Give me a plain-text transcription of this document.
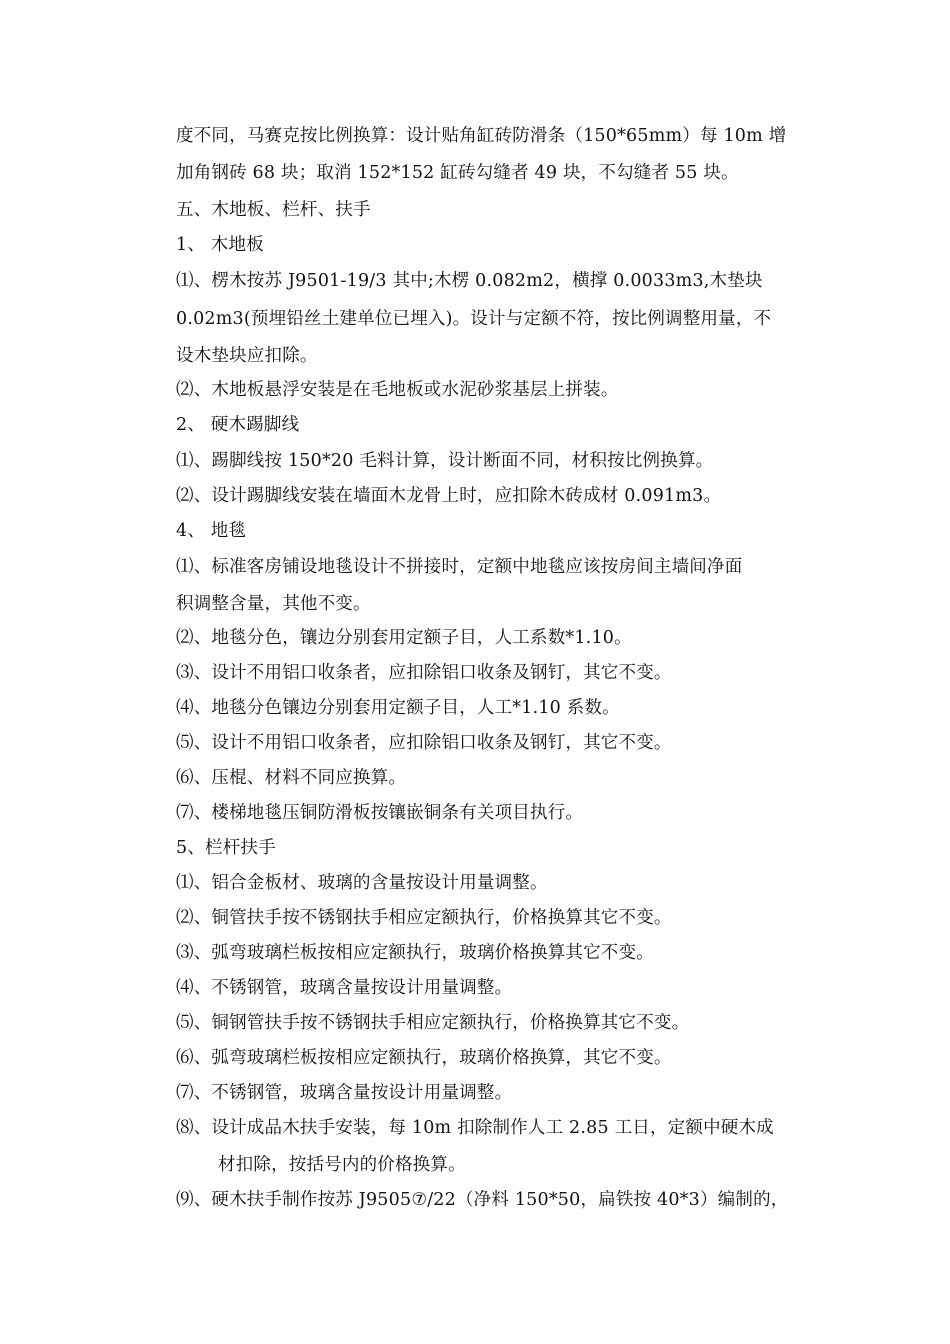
度不同，马赛克按比例换算：设计贴角缸砖防滑条（150*65mm）每 10m 增
加角钢砖 68 块；取消 152*152 缸砖勾缝者 49 块，不勾缝者 55 块。
五、木地板、栏杆、扶手
1、 木地板
⑴、楞木按苏 J9501-19/3 其中;木楞 0.082m2，横撑 0.0033m3,木垫块
0.02m3(预埋铅丝土建单位已埋入)。设计与定额不符，按比例调整用量，不
设木垫块应扣除。
⑵、木地板悬浮安装是在毛地板或水泥砂浆基层上拼装。
2、 硬木踢脚线
⑴、踢脚线按 150*20 毛料计算，设计断面不同，材积按比例换算。
⑵、设计踢脚线安装在墙面木龙骨上时，应扣除木砖成材 0.091m3。
4、 地毯
⑴、标准客房铺设地毯设计不拼接时，定额中地毯应该按房间主墙间净面
积调整含量，其他不变。
⑵、地毯分色，镶边分别套用定额子目，人工系数*1.10。
⑶、设计不用铝口收条者，应扣除铝口收条及钢钉，其它不变。
⑷、地毯分色镶边分别套用定额子目，人工*1.10 系数。
⑸、设计不用铝口收条者，应扣除铝口收条及钢钉，其它不变。
⑹、压棍、材料不同应换算。
⑺、楼梯地毯压铜防滑板按镶嵌铜条有关项目执行。
5、栏杆扶手
⑴、铝合金板材、玻璃的含量按设计用量调整。
⑵、铜管扶手按不锈钢扶手相应定额执行，价格换算其它不变。
⑶、弧弯玻璃栏板按相应定额执行，玻璃价格换算其它不变。
⑷、不锈钢管，玻璃含量按设计用量调整。
⑸、铜钢管扶手按不锈钢扶手相应定额执行，价格换算其它不变。
⑹、弧弯玻璃栏板按相应定额执行，玻璃价格换算，其它不变。
⑺、不锈钢管，玻璃含量按设计用量调整。
⑻、设计成品木扶手安装，每 10m 扣除制作人工 2.85 工日，定额中硬木成
材扣除，按括号内的价格换算。
⑼、硬木扶手制作按苏 J9505⑦/22（净料 150*50，扁铁按 40*3）编制的，
